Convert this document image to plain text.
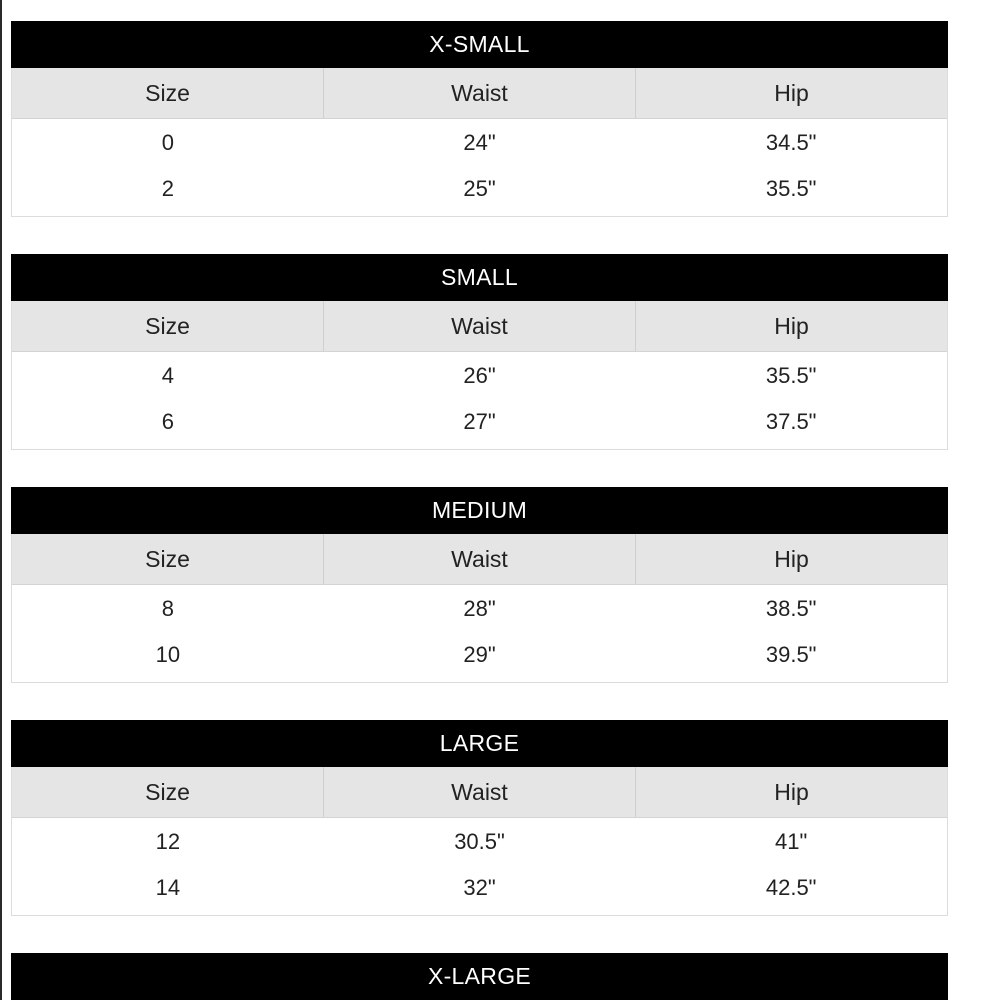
X-SMALL
Size	Waist	Hip
0	24"	34.5"
2	25"	35.5"
SMALL
Size	Waist	Hip
4	26"	35.5"
6	27"	37.5"
MEDIUM
Size	Waist	Hip
8	28"	38.5"
10	29"	39.5"
LARGE
Size	Waist	Hip
12	30.5"	41"
14	32"	42.5"
X-LARGE
